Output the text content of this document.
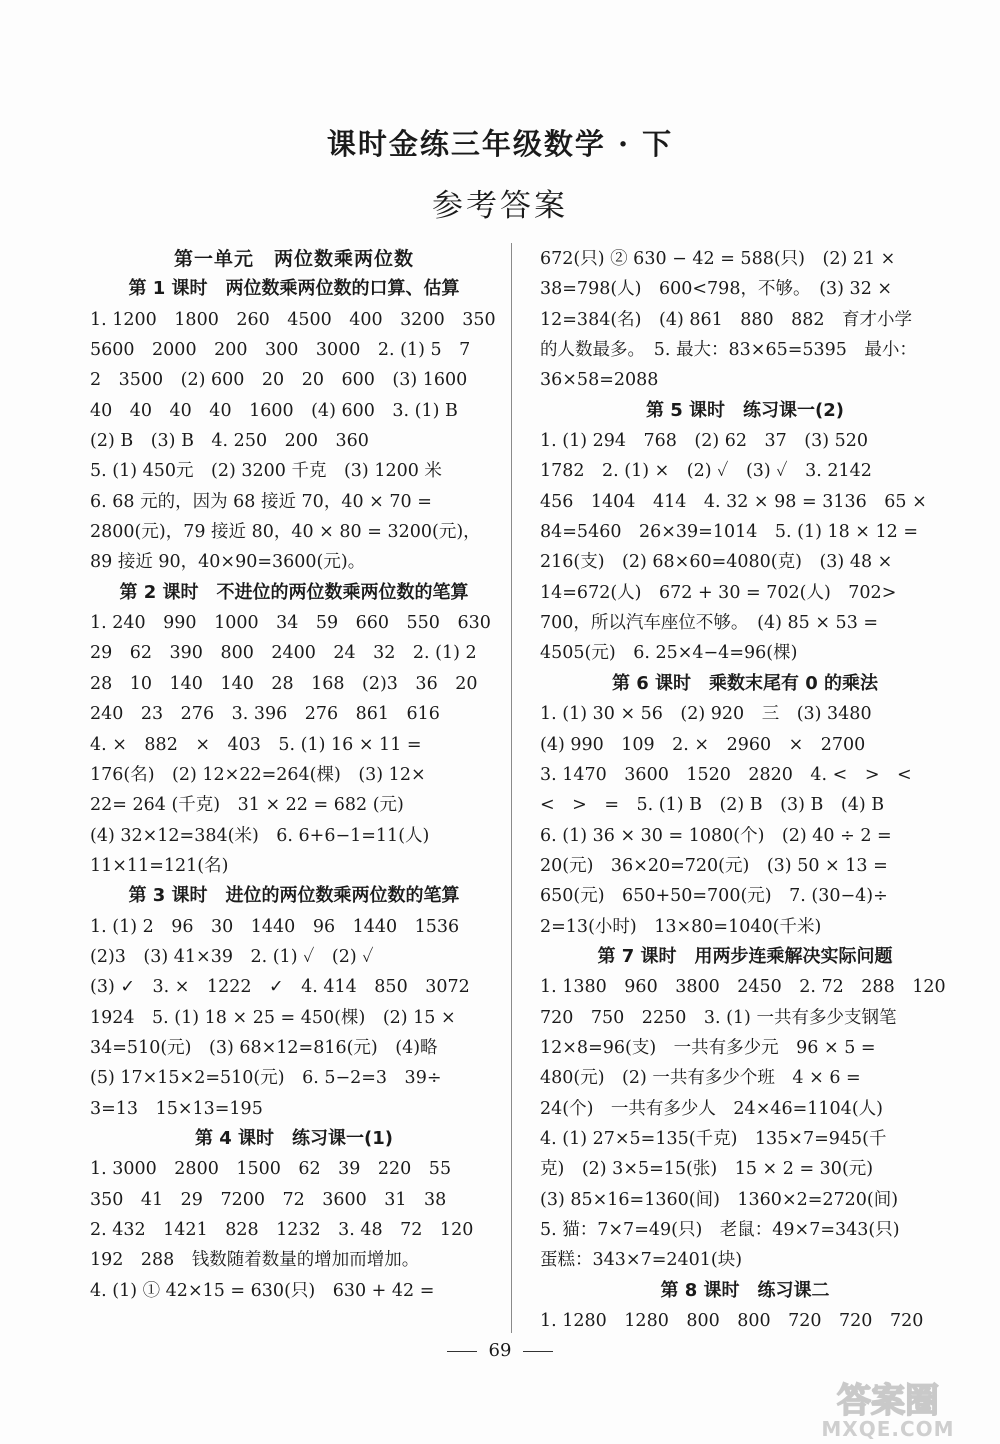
课时金练三年级数学 · 下
参考答案
第一单元　两位数乘两位数
第 1 课时　两位数乘两位数的口算、估算
1. 1200　1800　260　4500　400　3200　350
5600　2000　200　300　3000　2. (1) 5　7
2　3500　(2) 600　20　20　600　(3) 1600
40　40　40　40　1600　(4) 600　3. (1) B
(2) B　(3) B　4. 250　200　360
5. (1) 450元　(2) 3200 千克　(3) 1200 米
6. 68 元的，因为 68 接近 70，40 × 70 =
2800(元)，79 接近 80，40 × 80 = 3200(元)，
89 接近 90，40×90=3600(元)。
第 2 课时　不进位的两位数乘两位数的笔算
1. 240　990　1000　34　59　660　550　630
29　62　390　800　2400　24　32　2. (1) 2
28　10　140　140　28　168　(2)3　36　20
240　23　276　3. 396　276　861　616
4. ×　882　×　403　5. (1) 16 × 11 =
176(名)　(2) 12×22=264(棵)　(3) 12×
22= 264 (千克)　31 × 22 = 682 (元)
(4) 32×12=384(米)　6. 6+6−1=11(人)
11×11=121(名)
第 3 课时　进位的两位数乘两位数的笔算
1. (1) 2　96　30　1440　96　1440　1536
(2)3　(3) 41×39　2. (1) ✓　(2) ✓
(3) ✓　3. ×　1222　✓　4. 414　850　3072
1924　5. (1) 18 × 25 = 450(棵)　(2) 15 ×
34=510(元)　(3) 68×12=816(元)　(4)略
(5) 17×15×2=510(元)　6. 5−2=3　39÷
3=13　15×13=195
第 4 课时　练习课一(1)
1. 3000　2800　1500　62　39　220　55
350　41　29　7200　72　3600　31　38
2. 432　1421　828　1232　3. 48　72　120
192　288　钱数随着数量的增加而增加。
4. (1) ① 42×15 = 630(只)　630 + 42 =
672(只) ② 630 − 42 = 588(只)　(2) 21 ×
38=798(人)　600<798，不够。　(3) 32 ×
12=384(名)　(4) 861　880　882　育才小学
的人数最多。　5. 最大：83×65=5395　最小：
36×58=2088
第 5 课时　练习课一(2)
1. (1) 294　768　(2) 62　37　(3) 520
1782　2. (1) ×　(2) ✓　(3) ✓　3. 2142
456　1404　414　4. 32 × 98 = 3136　65 ×
84=5460　26×39=1014　5. (1) 18 × 12 =
216(支)　(2) 68×60=4080(克)　(3) 48 ×
14=672(人)　672 + 30 = 702(人)　702>
700，所以汽车座位不够。　(4) 85 × 53 =
4505(元)　6. 25×4−4=96(棵)
第 6 课时　乘数末尾有 0 的乘法
1. (1) 30 × 56　(2) 920　三　(3) 3480
(4) 990　109　2. ×　2960　×　2700
3. 1470　3600　1520　2820　4. <　>　<
<　>　=　5. (1) B　(2) B　(3) B　(4) B
6. (1) 36 × 30 = 1080(个)　(2) 40 ÷ 2 =
20(元)　36×20=720(元)　(3) 50 × 13 =
650(元)　650+50=700(元)　7. (30−4)÷
2=13(小时)　13×80=1040(千米)
第 7 课时　用两步连乘解决实际问题
1. 1380　960　3800　2450　2. 72　288　120
720　750　2250　3. (1) 一共有多少支钢笔
12×8=96(支)　一共有多少元　96 × 5 =
480(元)　(2) 一共有多少个班　4 × 6 =
24(个)　一共有多少人　24×46=1104(人)
4. (1) 27×5=135(千克)　135×7=945(千
克)　(2) 3×5=15(张)　15 × 2 = 30(元)
(3) 85×16=1360(间)　1360×2=2720(间)
5. 猫：7×7=49(只)　老鼠：49×7=343(只)
蛋糕：343×7=2401(块)
第 8 课时　练习课二
1. 1280　1280　800　800　720　720　720
69
答案圈
MXQE.COM
